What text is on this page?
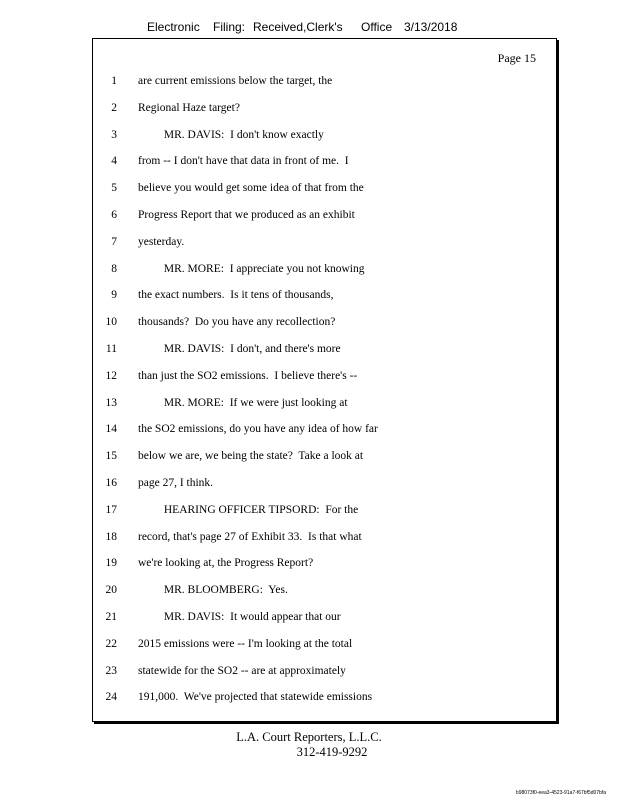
Electronic Filing: Received,Clerk's Office 3/13/2018
Page 15
1 are current emissions below the target, the
2 Regional Haze target?
3 MR. DAVIS:  I don't know exactly
4 from -- I don't have that data in front of me.  I
5 believe you would get some idea of that from the
6 Progress Report that we produced as an exhibit
7 yesterday.
8 MR. MORE:  I appreciate you not knowing
9 the exact numbers.  Is it tens of thousands,
10 thousands?  Do you have any recollection?
11 MR. DAVIS:  I don't, and there's more
12 than just the SO2 emissions.  I believe there's --
13 MR. MORE:  If we were just looking at
14 the SO2 emissions, do you have any idea of how far
15 below we are, we being the state?  Take a look at
16 page 27, I think.
17 HEARING OFFICER TIPSORD:  For the
18 record, that's page 27 of Exhibit 33.  Is that what
19 we're looking at, the Progress Report?
20 MR. BLOOMBERG:  Yes.
21 MR. DAVIS:  It would appear that our
22 2015 emissions were -- I'm looking at the total
23 statewide for the SO2 -- are at approximately
24 191,000.  We've projected that statewide emissions
L.A. Court Reporters, L.L.C.
312-419-9292
b98073f0-eea3-4523-91a7-f67bf5d07bfa
